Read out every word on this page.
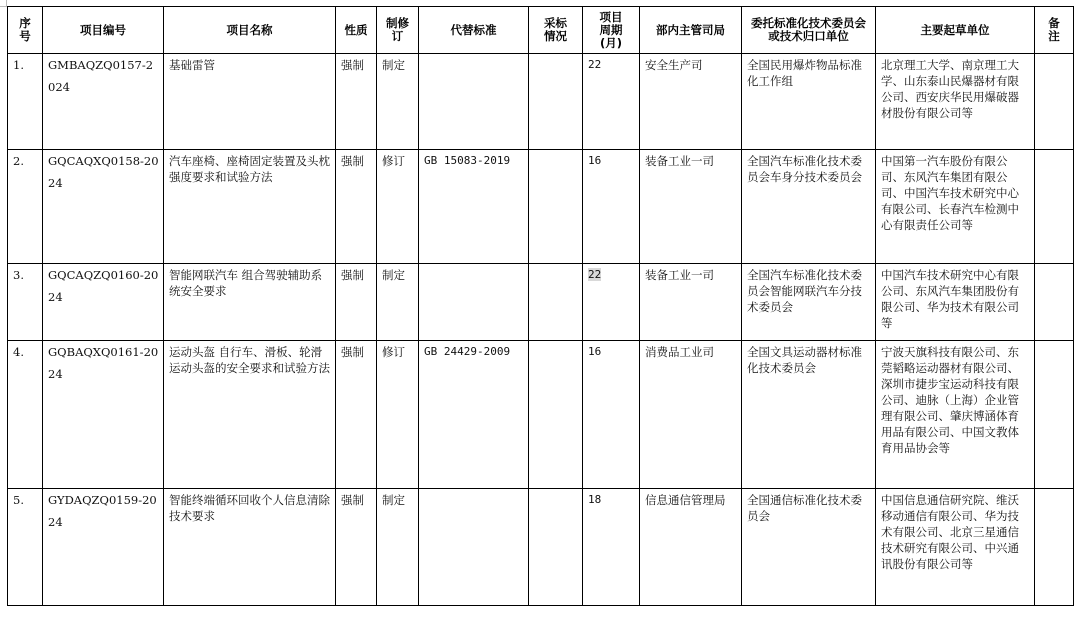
序号	项目编号	项目名称	性质	制修订	代替标准	采标情况	项目周期(月)	部内主管司局	委托标准化技术委员会或技术归口单位	主要起草单位	备注
1.	GMBAQZQ0157-2024	基础雷管	强制	制定			22	安全生产司	全国民用爆炸物品标准化工作组	北京理工大学、南京理工大学、山东泰山民爆器材有限公司、西安庆华民用爆破器材股份有限公司等	
2.	GQCAQXQ0158-2024	汽车座椅、座椅固定装置及头枕强度要求和试验方法	强制	修订	GB 15083-2019		16	装备工业一司	全国汽车标准化技术委员会车身分技术委员会	中国第一汽车股份有限公司、东风汽车集团有限公司、中国汽车技术研究中心有限公司、长春汽车检测中心有限责任公司等	
3.	GQCAQZQ0160-2024	智能网联汽车 组合驾驶辅助系统安全要求	强制	制定			22	装备工业一司	全国汽车标准化技术委员会智能网联汽车分技术委员会	中国汽车技术研究中心有限公司、东风汽车集团股份有限公司、华为技术有限公司等	
4.	GQBAQXQ0161-2024	运动头盔 自行车、滑板、轮滑运动头盔的安全要求和试验方法	强制	修订	GB 24429-2009		16	消费品工业司	全国文具运动器材标准化技术委员会	宁波天旗科技有限公司、东莞韬略运动器材有限公司、深圳市捷步宝运动科技有限公司、迪脉（上海）企业管理有限公司、肇庆博涵体育用品有限公司、中国文教体育用品协会等	
5.	GYDAQZQ0159-2024	智能终端循环回收个人信息清除技术要求	强制	制定			18	信息通信管理局	全国通信标准化技术委员会	中国信息通信研究院、维沃移动通信有限公司、华为技术有限公司、北京三星通信技术研究有限公司、中兴通讯股份有限公司等	
